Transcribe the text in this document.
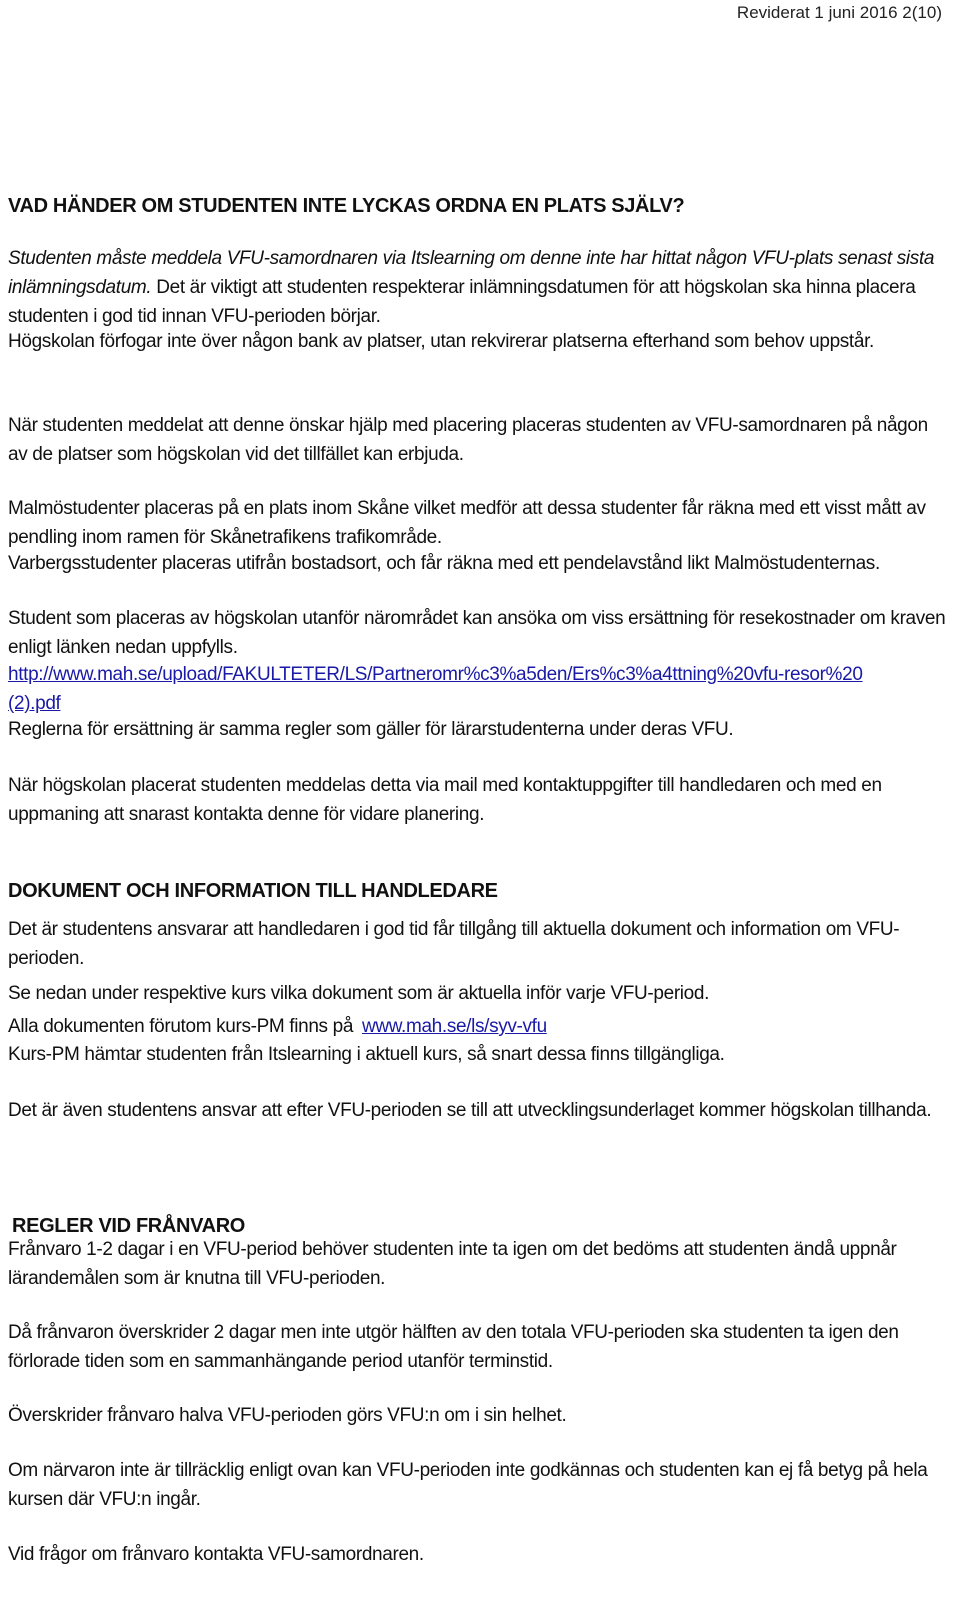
Reviderat 1 juni 2016 2(10)

VAD HÄNDER OM STUDENTEN INTE LYCKAS ORDNA EN PLATS SJÄLV?

Studenten måste meddela VFU-samordnaren via Itslearning om denne inte har hittat någon VFU-plats senast sista inlämningsdatum. Det är viktigt att studenten respekterar inlämningsdatumen för att högskolan ska hinna placera studenten i god tid innan VFU-perioden börjar.

Högskolan förfogar inte över någon bank av platser, utan rekvirerar platserna efterhand som behov uppstår.

När studenten meddelat att denne önskar hjälp med placering placeras studenten av VFU-samordnaren på någon av de platser som högskolan vid det tillfället kan erbjuda.

Malmöstudenter placeras på en plats inom Skåne vilket medför att dessa studenter får räkna med ett visst mått av pendling inom ramen för Skånetrafikens trafikområde.

Varbergsstudenter placeras utifrån bostadsort, och får räkna med ett pendelavstånd likt Malmöstudenternas.

Student som placeras av högskolan utanför närområdet kan ansöka om viss ersättning för resekostnader om kraven enligt länken nedan uppfylls.

http://www.mah.se/upload/FAKULTETER/LS/Partneromr%c3%a5den/Ers%c3%a4ttning%20vfu-resor%20(2).pdf

Reglerna för ersättning är samma regler som gäller för lärarstudenterna under deras VFU.

När högskolan placerat studenten meddelas detta via mail med kontaktuppgifter till handledaren och med en uppmaning att snarast kontakta denne för vidare planering.

DOKUMENT OCH INFORMATION TILL HANDLEDARE

Det är studentens ansvarar att handledaren i god tid får tillgång till aktuella dokument och information om VFU-perioden.

Se nedan under respektive kurs vilka dokument som är aktuella inför varje VFU-period.

Alla dokumenten förutom kurs-PM finns på www.mah.se/ls/syv-vfu

Kurs-PM hämtar studenten från Itslearning i aktuell kurs, så snart dessa finns tillgängliga.

Det är även studentens ansvar att efter VFU-perioden se till att utvecklingsunderlaget kommer högskolan tillhanda.

REGLER VID FRÅNVARO

Frånvaro 1-2 dagar i en VFU-period behöver studenten inte ta igen om det bedöms att studenten ändå uppnår lärandemålen som är knutna till VFU-perioden.

Då frånvaron överskrider 2 dagar men inte utgör hälften av den totala VFU-perioden ska studenten ta igen den förlorade tiden som en sammanhängande period utanför terminstid.

Överskrider frånvaro halva VFU-perioden görs VFU:n om i sin helhet.

Om närvaron inte är tillräcklig enligt ovan kan VFU-perioden inte godkännas och studenten kan ej få betyg på hela kursen där VFU:n ingår.

Vid frågor om frånvaro kontakta VFU-samordnaren.
